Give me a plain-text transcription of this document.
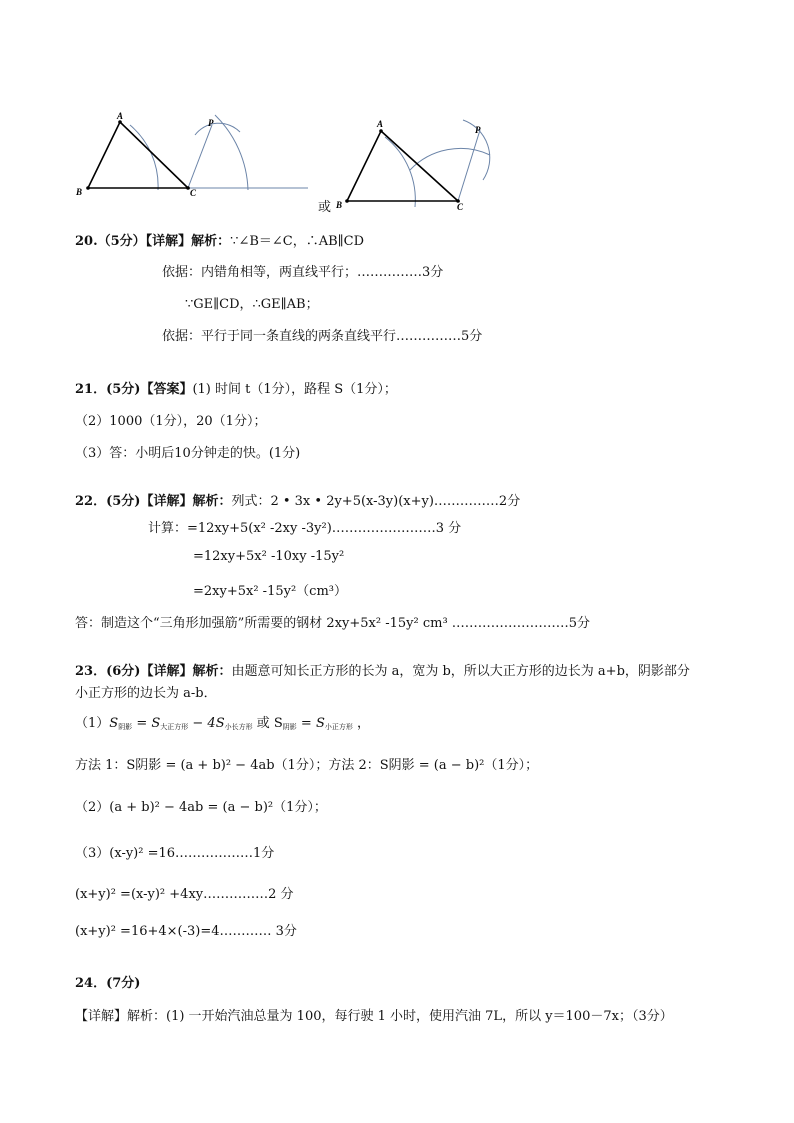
A
B	C
P
或
A
B	C
P
20.（5分）【详解】解析：∵∠B＝∠C，∴AB∥CD
依据：内错角相等，两直线平行；……………3分
∵GE∥CD，∴GE∥AB；
依据：平行于同一条直线的两条直线平行……………5分
21．(5分)【答案】(1) 时间 t（1分），路程 S（1分）；
（2）1000（1分），20（1分）；
（3）答：小明后10分钟走的快。(1分)
22．(5分)【详解】解析：列式：2 • 3x • 2y+5(x-3y)(x+y)……………2分
计算：=12xy+5(x² -2xy -3y²)……………………3 分
=12xy+5x² -10xy -15y²
=2xy+5x² -15y²（cm³）
答：制造这个“三角形加强筋”所需要的钢材 2xy+5x² -15y² cm³ ………………………5分
23．(6分)【详解】解析：由题意可知长正方形的长为 a，宽为 b，所以大正方形的边长为 a+b，阴影部分
小正方形的边长为 a-b．
$(1)S_{阴影} = S_{大正方形} - 4S_{小长方形}$ 或 $S_{阴影} = S_{小正方形}$ ，
方法 1：S阴影 = (a + b)² − 4ab（1分）；方法 2：S阴影 = (a − b)²（1分）；
（2）(a + b)² − 4ab = (a − b)²（1分）；
（3）(x-y)² =16………………1分
(x+y)² =(x-y)² +4xy……………2 分
(x+y)² =16+4×(-3)=4………… 3分
24．(7分)
【详解】解析：(1) 一开始汽油总量为 100，每行驶 1 小时，使用汽油 7L，所以 y＝100－7x；（3分）
